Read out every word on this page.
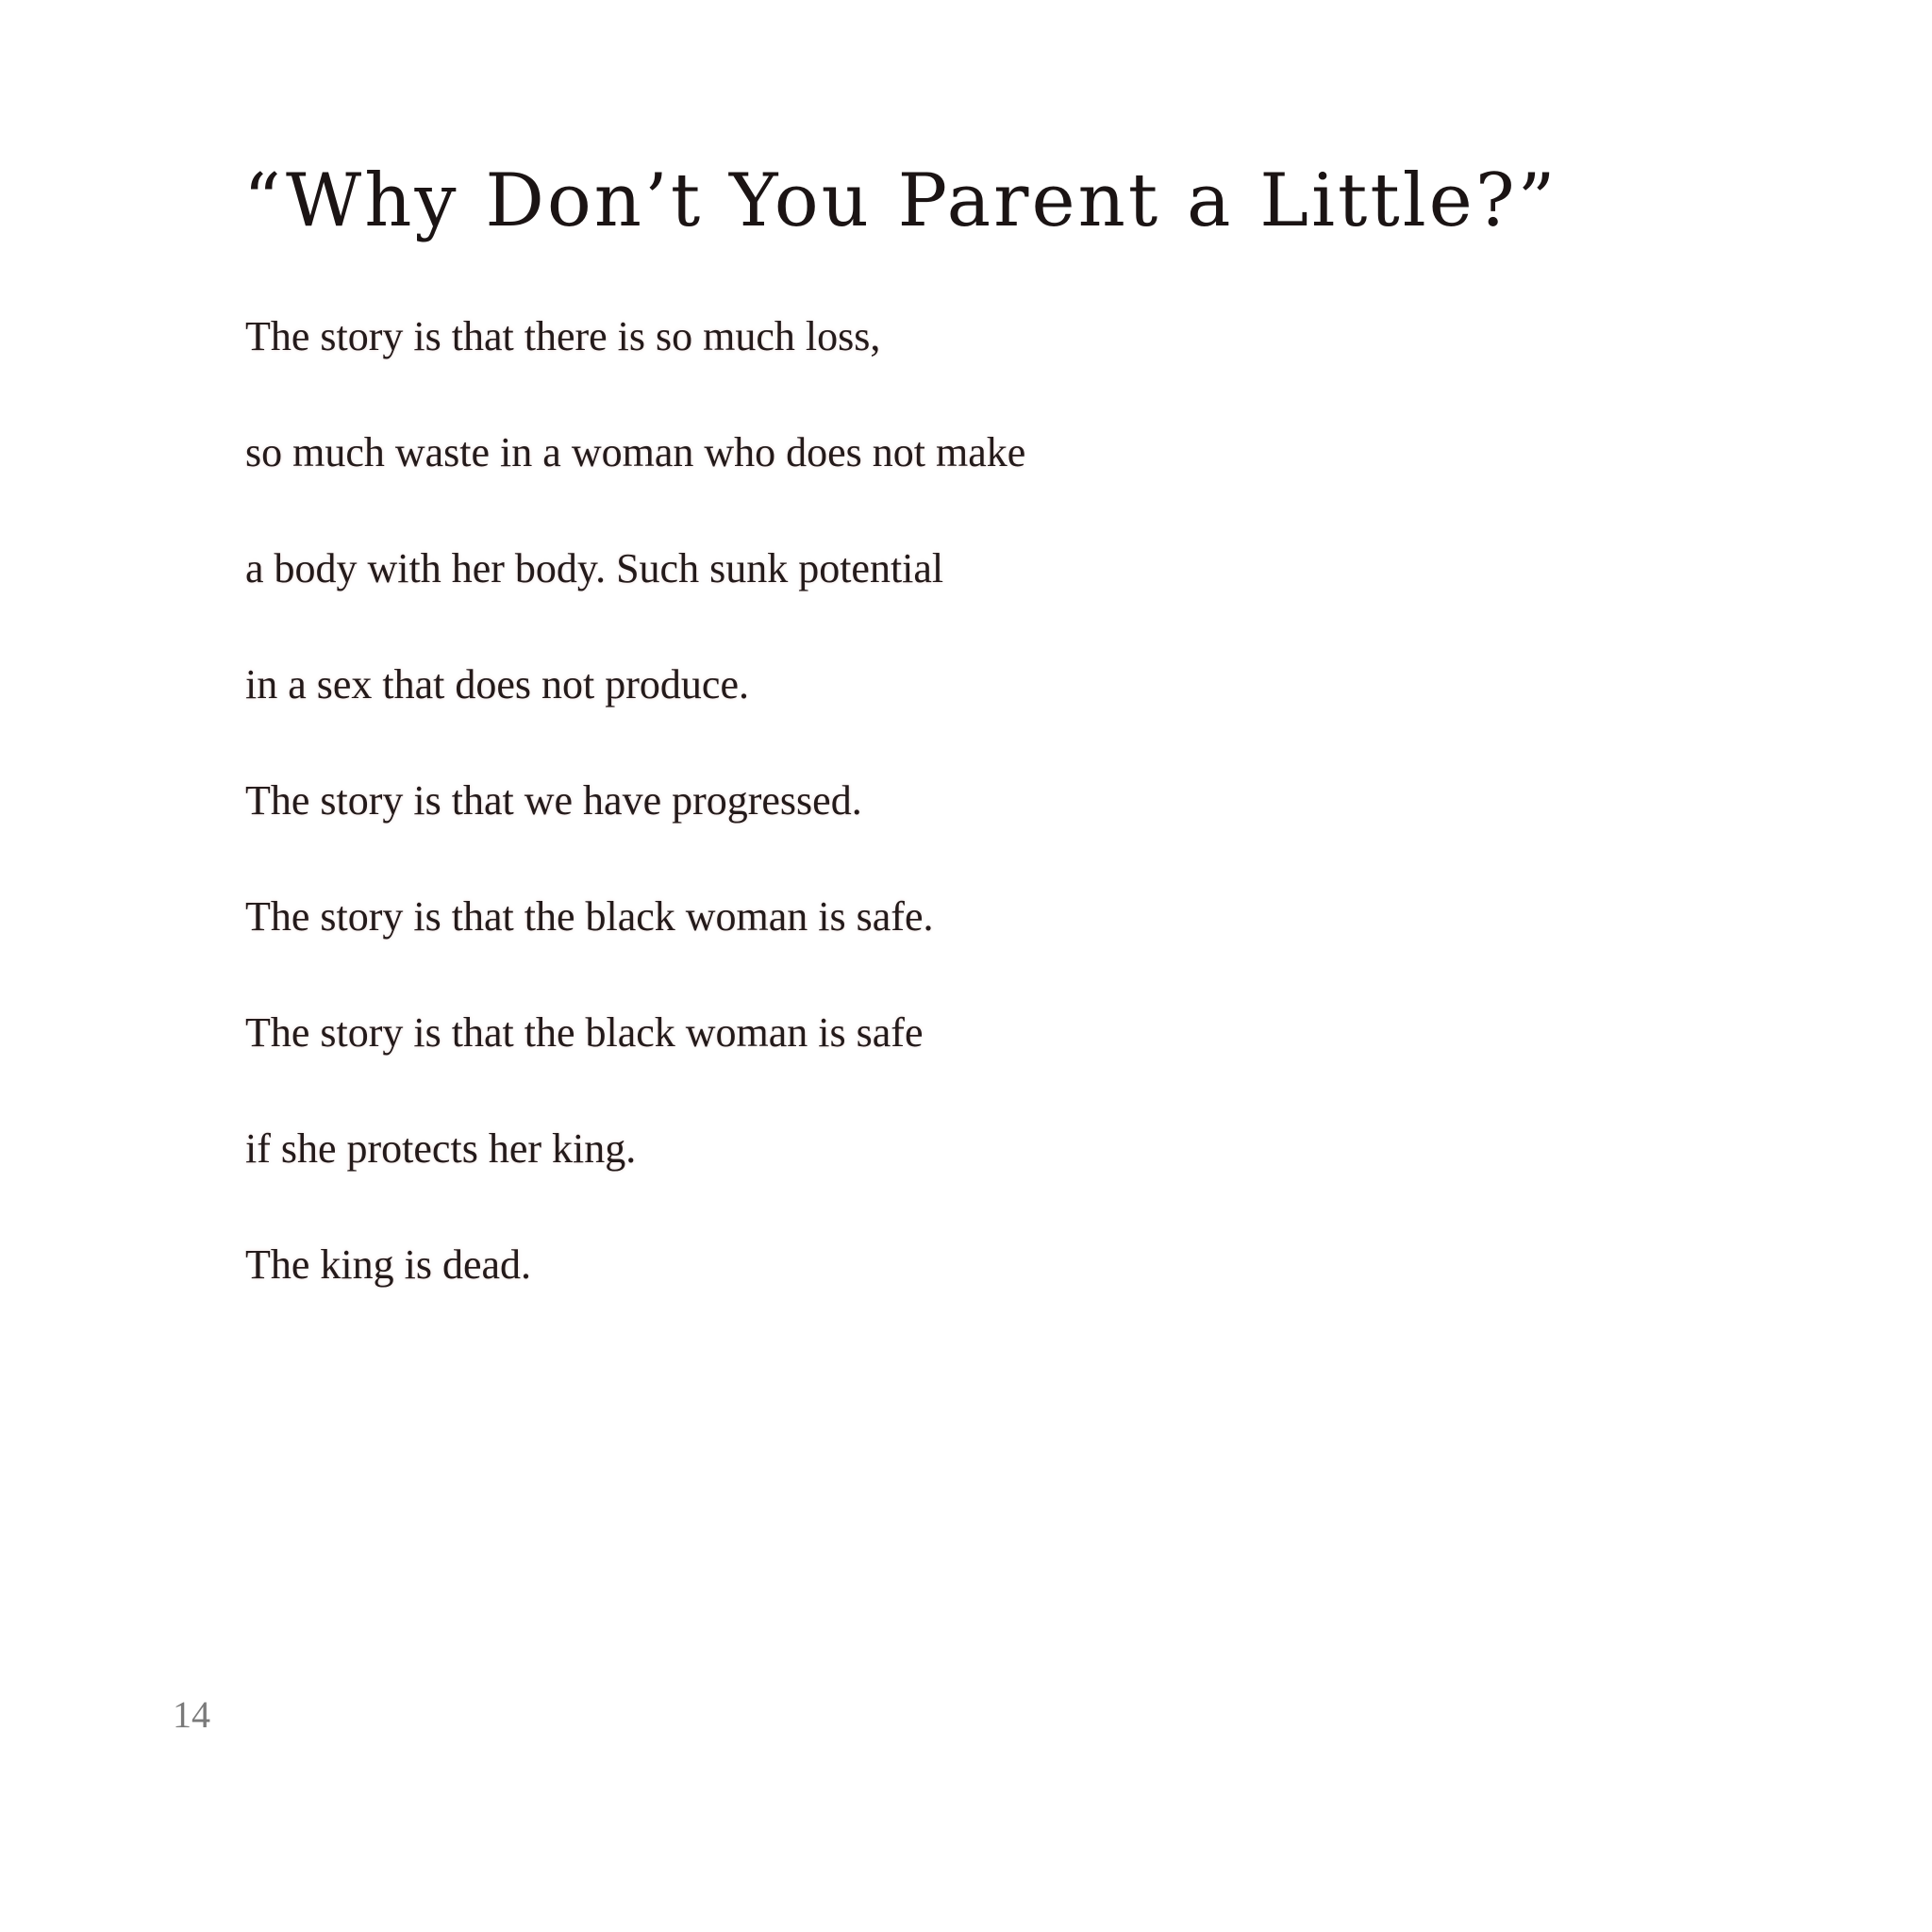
“Why Don’t You Parent a Little?”
The story is that there is so much loss,
so much waste in a woman who does not make
a body with her body. Such sunk potential
in a sex that does not produce.
The story is that we have progressed.
The story is that the black woman is safe.
The story is that the black woman is safe
if she protects her king.
The king is dead.
14
